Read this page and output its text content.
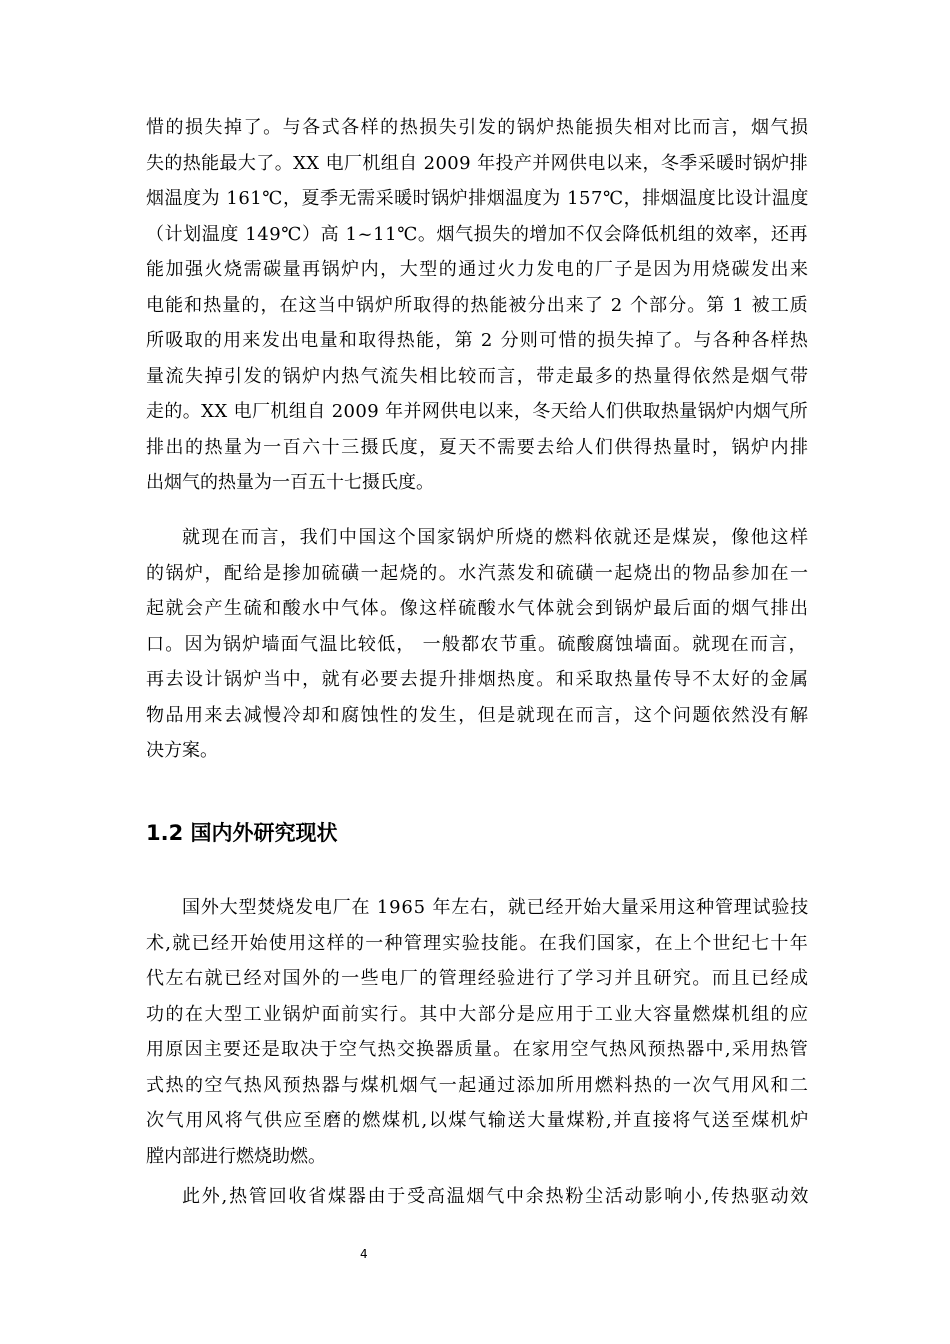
惜的损失掉了。与各式各样的热损失引发的锅炉热能损失相对比而言，烟气损
失的热能最大了。XX 电厂机组自 2009 年投产并网供电以来，冬季采暖时锅炉排
烟温度为 161℃，夏季无需采暖时锅炉排烟温度为 157℃，排烟温度比设计温度
（计划温度 149℃）高 1~11℃。烟气损失的增加不仅会降低机组的效率，还再
能加强火烧需碳量再锅炉内，大型的通过火力发电的厂子是因为用烧碳发出来
电能和热量的，在这当中锅炉所取得的热能被分出来了 2 个部分。第 1 被工质
所吸取的用来发出电量和取得热能，第 2 分则可惜的损失掉了。与各种各样热
量流失掉引发的锅炉内热气流失相比较而言，带走最多的热量得依然是烟气带
走的。XX 电厂机组自 2009 年并网供电以来，冬天给人们供取热量锅炉内烟气所
排出的热量为一百六十三摄氏度，夏天不需要去给人们供得热量时，锅炉内排
出烟气的热量为一百五十七摄氏度。
就现在而言，我们中国这个国家锅炉所烧的燃料依就还是煤炭，像他这样
的锅炉，配给是掺加硫磺一起烧的。水汽蒸发和硫磺一起烧出的物品参加在一
起就会产生硫和酸水中气体。像这样硫酸水气体就会到锅炉最后面的烟气排出
口。因为锅炉墙面气温比较低， 一般都农节重。硫酸腐蚀墙面。就现在而言，
再去设计锅炉当中，就有必要去提升排烟热度。和采取热量传导不太好的金属
物品用来去减慢冷却和腐蚀性的发生，但是就现在而言，这个问题依然没有解
决方案。
1.2 国内外研究现状
国外大型焚烧发电厂在 1965 年左右，就已经开始大量采用这种管理试验技
术,就已经开始使用这样的一种管理实验技能。在我们国家，在上个世纪七十年
代左右就已经对国外的一些电厂的管理经验进行了学习并且研究。而且已经成
功的在大型工业锅炉面前实行。其中大部分是应用于工业大容量燃煤机组的应
用原因主要还是取决于空气热交换器质量。在家用空气热风预热器中,采用热管
式热的空气热风预热器与煤机烟气一起通过添加所用燃料热的一次气用风和二
次气用风将气供应至磨的燃煤机,以煤气输送大量煤粉,并直接将气送至煤机炉
膛内部进行燃烧助燃。
此外,热管回收省煤器由于受高温烟气中余热粉尘活动影响小,传热驱动效
4
